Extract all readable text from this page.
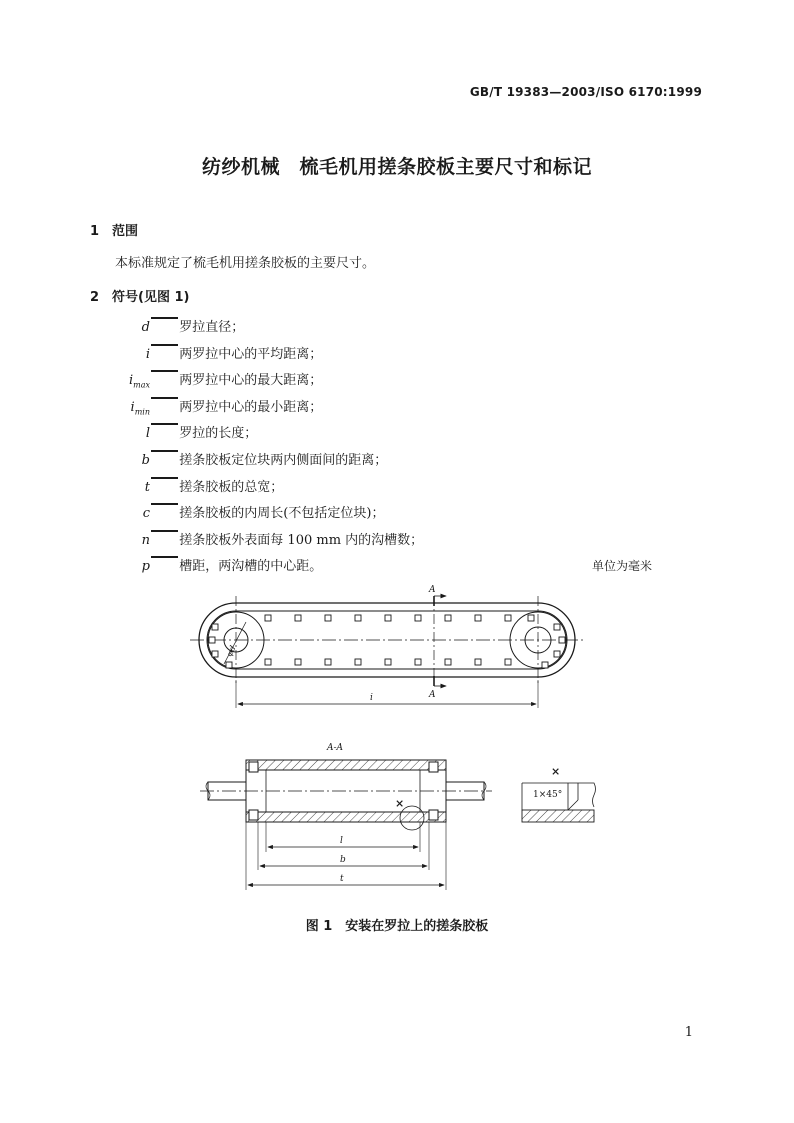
GB/T 19383—2003/ISO 6170:1999
纺纱机械　梳毛机用搓条胶板主要尺寸和标记
1 范围
本标准规定了梳毛机用搓条胶板的主要尺寸。
2 符号(见图 1)
d 罗拉直径；
i 两罗拉中心的平均距离；
$i_{max}$ 两罗拉中心的最大距离；
$i_{min}$ 两罗拉中心的最小距离；
l 罗拉的长度；
b 搓条胶板定位块两内侧面间的距离；
t 搓条胶板的总宽；
c 搓条胶板的内周长(不包括定位块)；
n 搓条胶板外表面每 100 mm 内的沟槽数；
p 槽距，两沟槽的中心距。	单位为毫米
φd
A
A
i
A-A
×
l
b
t
×
1×45°
图 1　安装在罗拉上的搓条胶板
1
